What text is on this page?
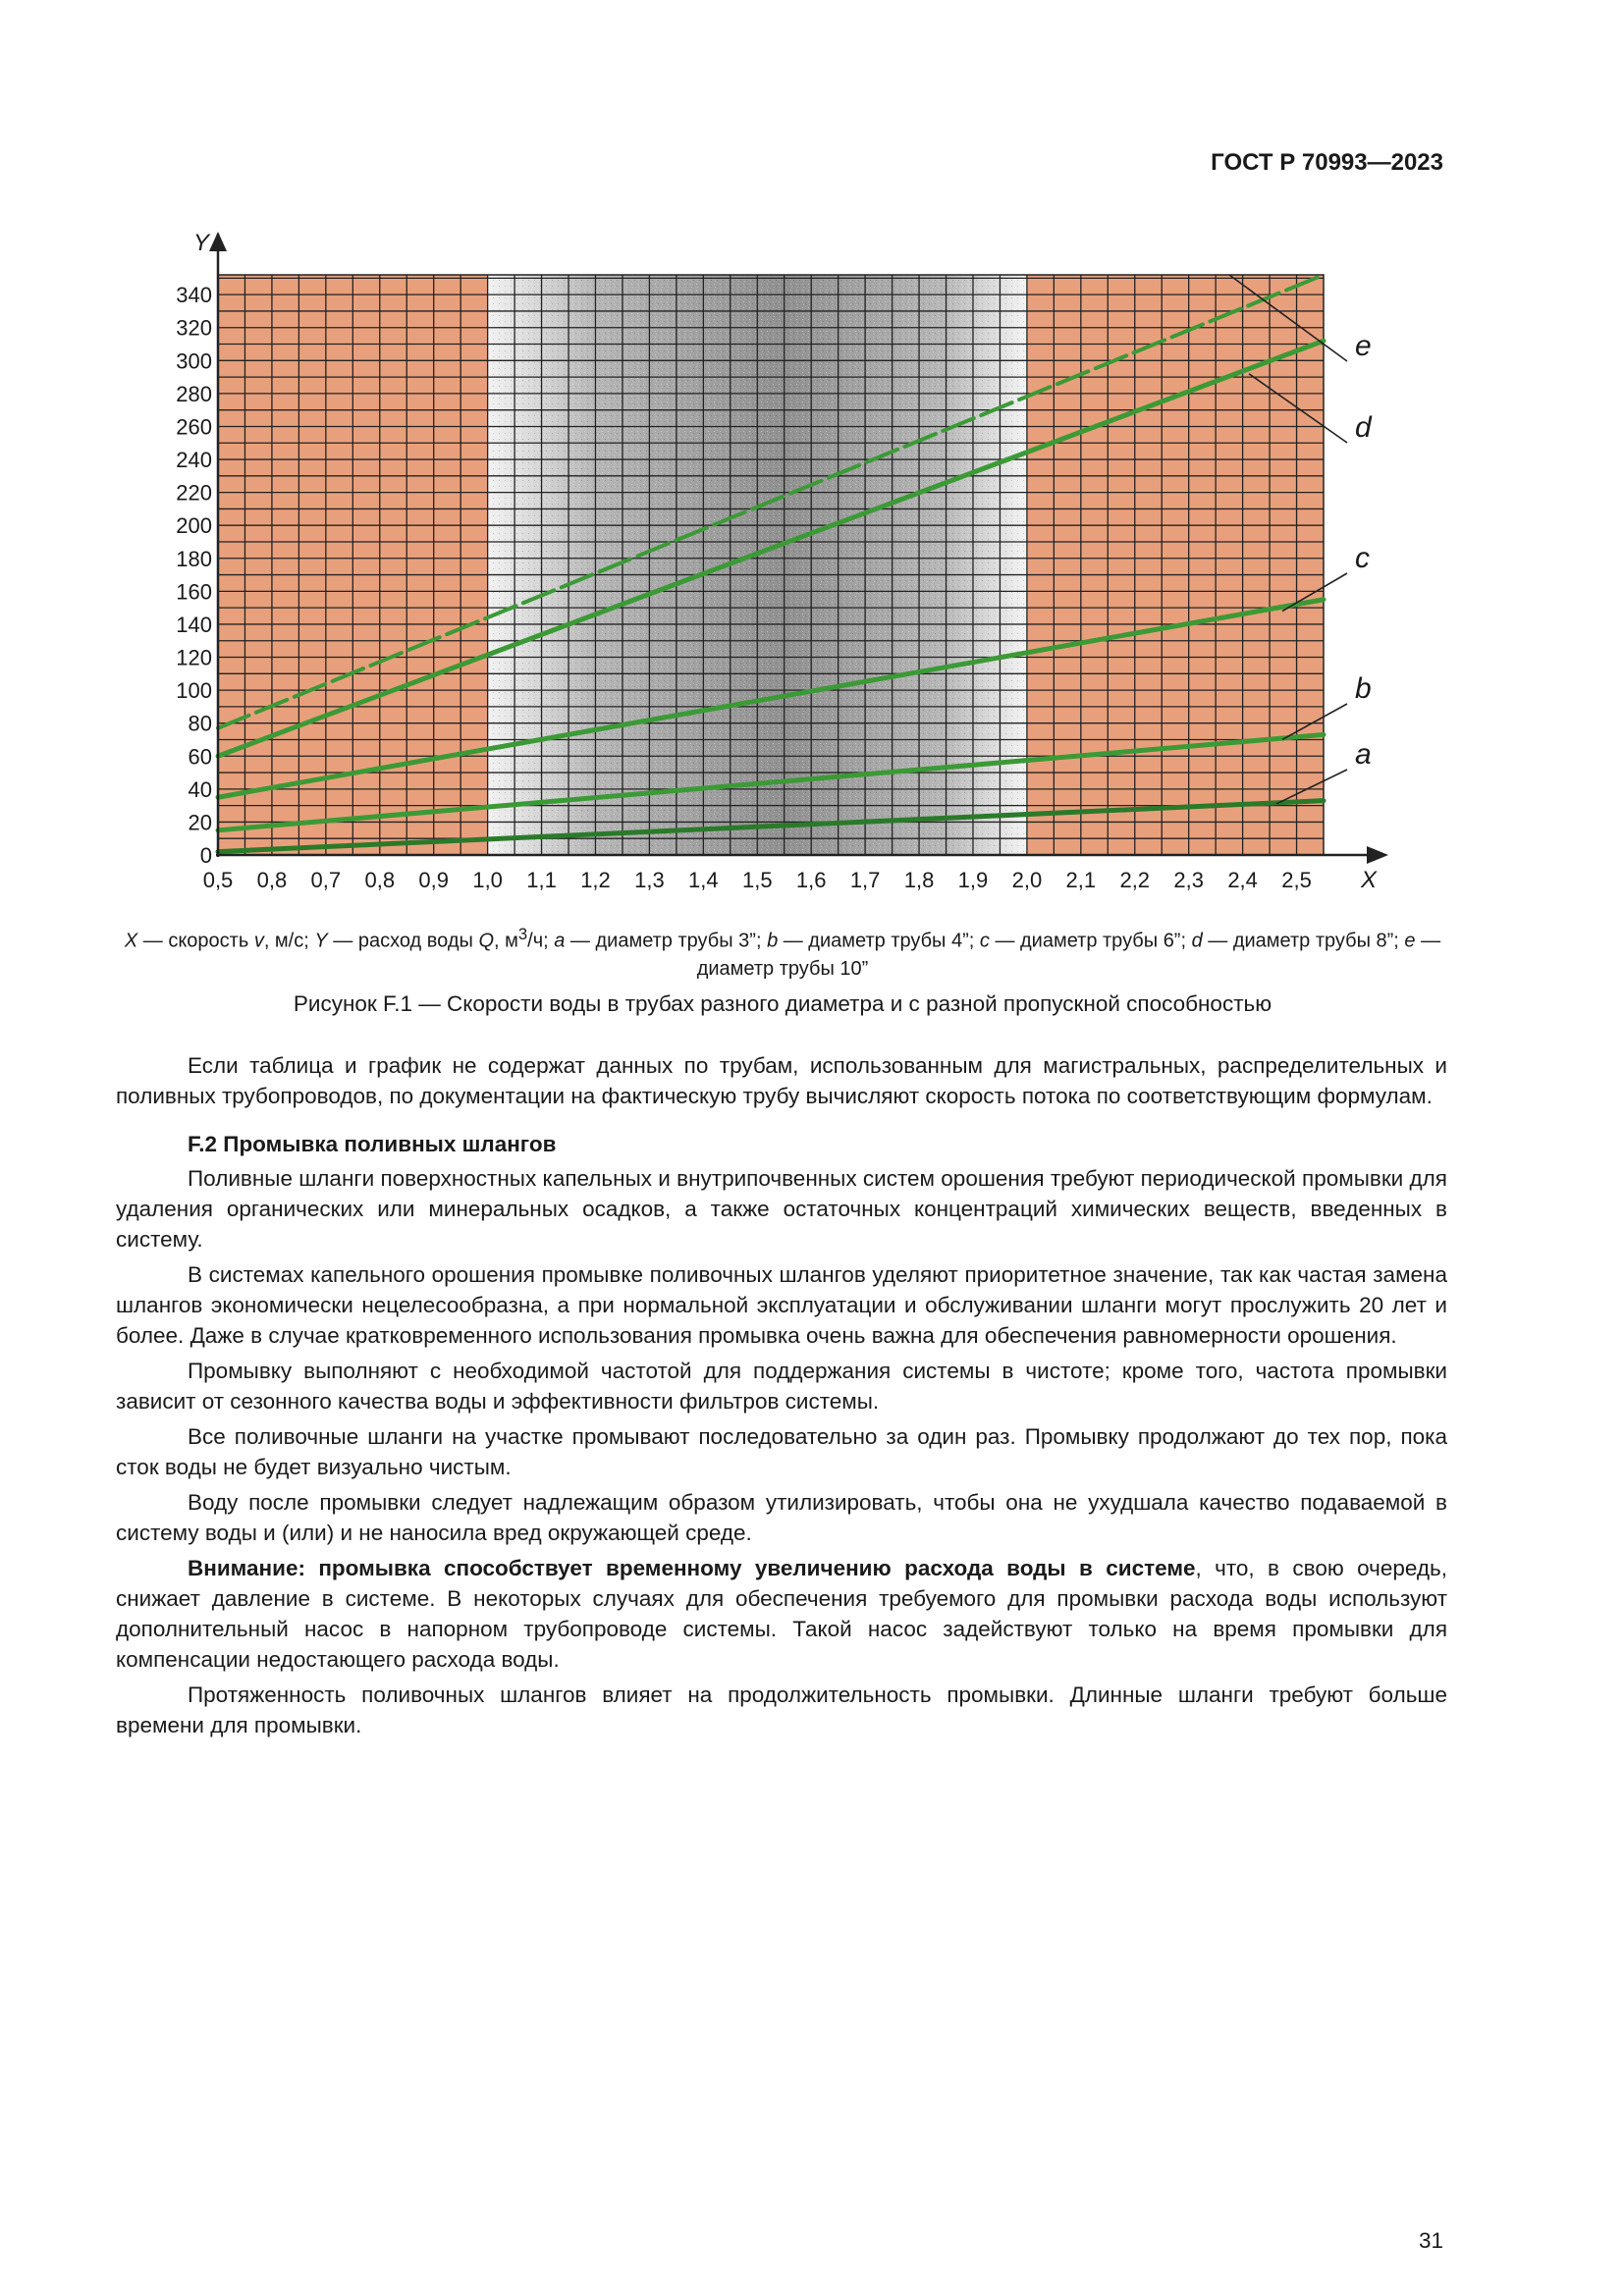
ГОСТ Р 70993—2023
Y
X
0
20
40
60
80
100
120
140
160
180
200
220
240
260
280
300
320
340
0,5 0,8 0,7 0,8 0,9 1,0 1,1 1,2 1,3 1,4 1,5 1,6 1,7 1,8 1,9 2,0 2,1 2,2 2,3 2,4 2,5
a
b
c
d
e
X — скорость v, м/с; Y — расход воды Q, $м^3/ч$; a — диаметр трубы 3”; b — диаметр трубы 4”; c — диаметр трубы 6”; d — диаметр трубы 8”; e — диаметр трубы 10”
Рисунок F.1 — Скорости воды в трубах разного диаметра и с разной пропускной способностью

Если таблица и график не содержат данных по трубам, использованным для магистральных, распределительных и поливных трубопроводов, по документации на фактическую трубу вычисляют скорость потока по соответствующим формулам.

F.2 Промывка поливных шлангов

Поливные шланги поверхностных капельных и внутрипочвенных систем орошения требуют периодической промывки для удаления органических или минеральных осадков, а также остаточных концентраций химических веществ, введенных в систему.

В системах капельного орошения промывке поливочных шлангов уделяют приоритетное значение, так как частая замена шлангов экономически нецелесообразна, а при нормальной эксплуатации и обслуживании шланги могут прослужить 20 лет и более. Даже в случае кратковременного использования промывка очень важна для обеспечения равномерности орошения.

Промывку выполняют с необходимой частотой для поддержания системы в чистоте; кроме того, частота промывки зависит от сезонного качества воды и эффективности фильтров системы.

Все поливочные шланги на участке промывают последовательно за один раз. Промывку продолжают до тех пор, пока сток воды не будет визуально чистым.

Воду после промывки следует надлежащим образом утилизировать, чтобы она не ухудшала качество подаваемой в систему воды и (или) и не наносила вред окружающей среде.

Внимание: промывка способствует временному увеличению расхода воды в системе, что, в свою очередь, снижает давление в системе. В некоторых случаях для обеспечения требуемого для промывки расхода воды используют дополнительный насос в напорном трубопроводе системы. Такой насос задействуют только на время промывки для компенсации недостающего расхода воды.

Протяженность поливочных шлангов влияет на продолжительность промывки. Длинные шланги требуют больше времени для промывки.

31
